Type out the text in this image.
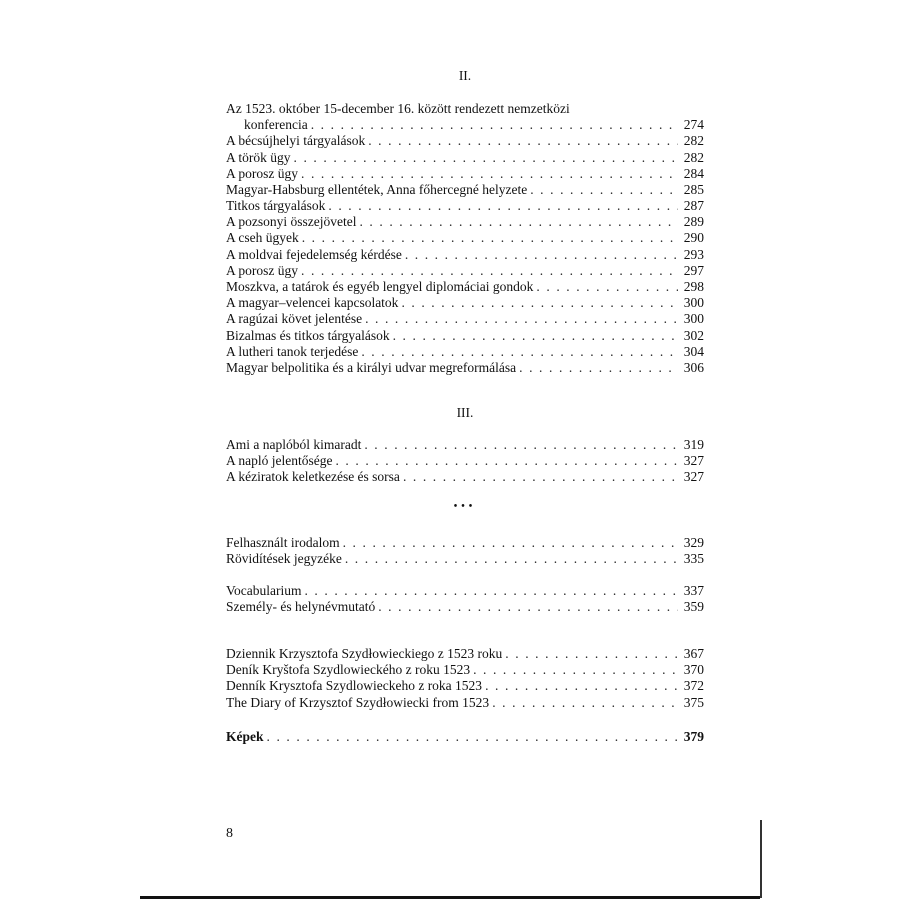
II.
Az 1523. október 15-december 16. között rendezett nemzetközi
konferencia . . .	274
A bécsújhelyi tárgyalások . . .	282
A török ügy . . .	282
A porosz ügy . . .	284
Magyar-Habsburg ellentétek, Anna főhercegné helyzete . . .	285
Titkos tárgyalások . . .	287
A pozsonyi összejövetel . . .	289
A cseh ügyek . . .	290
A moldvai fejedelemség kérdése . . .	293
A porosz ügy . . .	297
Moszkva, a tatárok és egyéb lengyel diplomáciai gondok . . .	298
A magyar–velencei kapcsolatok . . .	300
A ragúzai követ jelentése . . .	300
Bizalmas és titkos tárgyalások . . .	302
A lutheri tanok terjedése . . .	304
Magyar belpolitika és a királyi udvar megreformálása . . .	306
III.
Ami a naplóból kimaradt . . .	319
A napló jelentősége . . .	327
A kéziratok keletkezése és sorsa . . .	327
•••
Felhasznált irodalom . . .	329
Rövidítések jegyzéke . . .	335
Vocabularium . . .	337
Személy- és helynévmutató . . .	359
Dziennik Krzysztofa Szydłowieckiego z 1523 roku . . .	367
Deník Kryštofa Szydlowieckého z roku 1523 . . .	370
Denník Krysztofa Szydlowieckeho z roka 1523 . . .	372
The Diary of Krzysztof Szydłowiecki from 1523 . . .	375
Képek . . .	379
8
